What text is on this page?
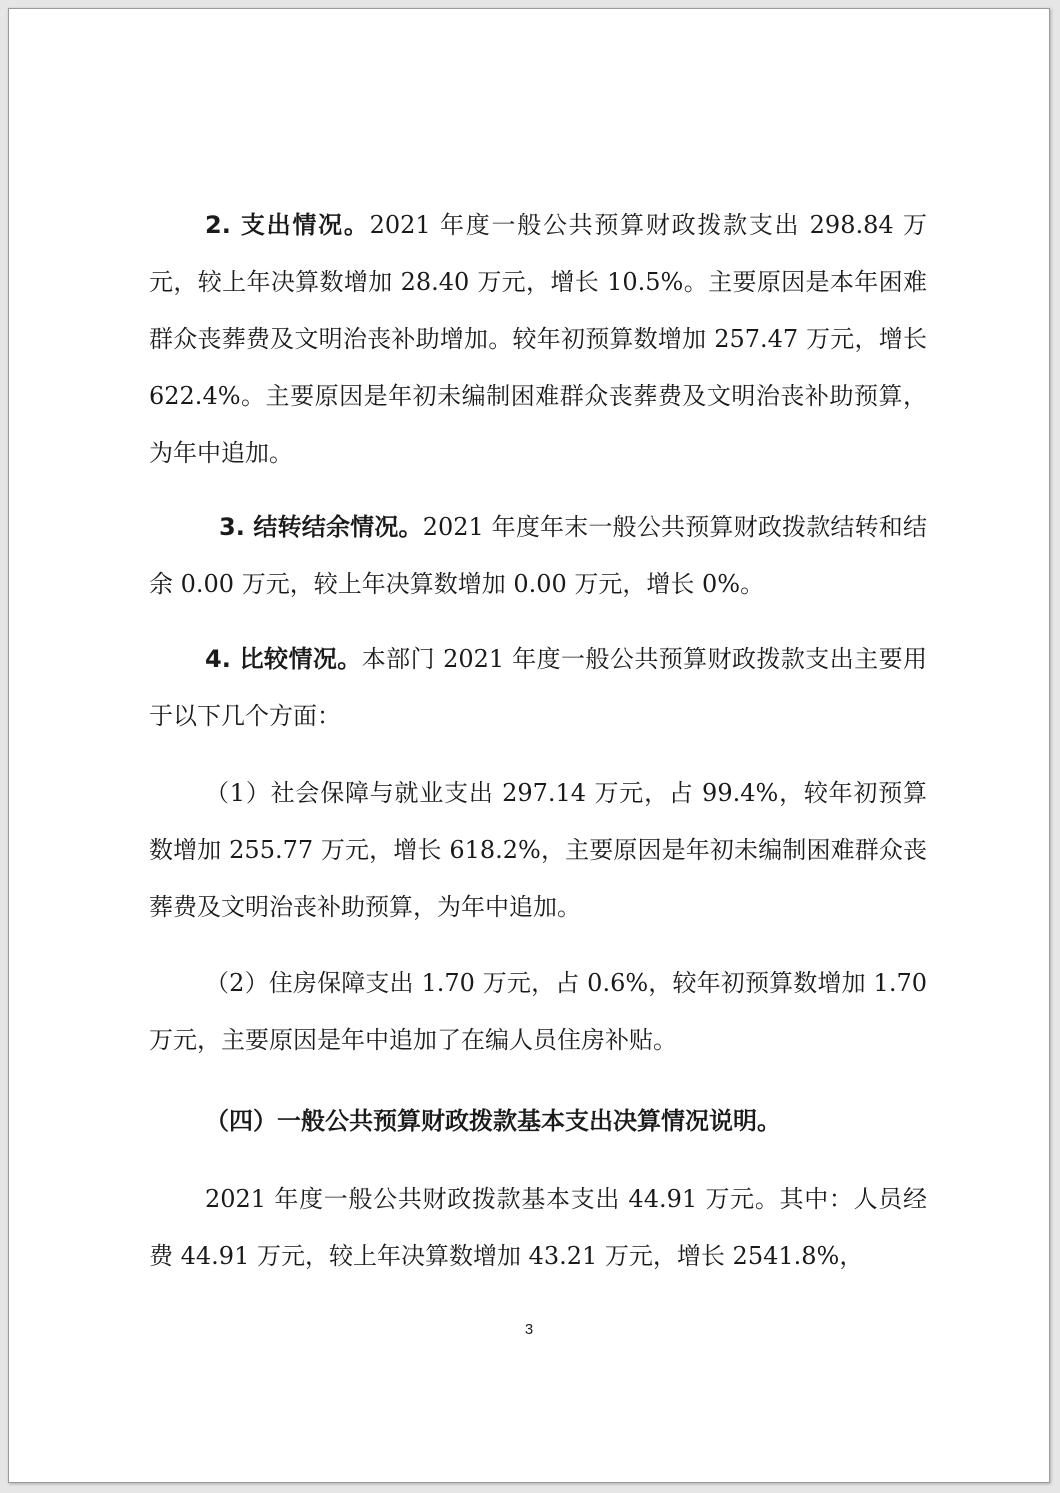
2. 支出情况。2021 年度一般公共预算财政拨款支出 298.84 万元，较上年决算数增加 28.40 万元，增长 10.5%。主要原因是本年困难群众丧葬费及文明治丧补助增加。较年初预算数增加 257.47 万元，增长 622.4%。主要原因是年初未编制困难群众丧葬费及文明治丧补助预算，为年中追加。

3. 结转结余情况。2021 年度年末一般公共预算财政拨款结转和结余 0.00 万元，较上年决算数增加 0.00 万元，增长 0%。

4. 比较情况。本部门 2021 年度一般公共预算财政拨款支出主要用于以下几个方面：

（1）社会保障与就业支出 297.14 万元，占 99.4%，较年初预算数增加 255.77 万元，增长 618.2%，主要原因是年初未编制困难群众丧葬费及文明治丧补助预算，为年中追加。

（2）住房保障支出 1.70 万元，占 0.6%，较年初预算数增加 1.70 万元，主要原因是年中追加了在编人员住房补贴。

（四）一般公共预算财政拨款基本支出决算情况说明。

2021 年度一般公共财政拨款基本支出 44.91 万元。其中：人员经费 44.91 万元，较上年决算数增加 43.21 万元，增长 2541.8%，

3
